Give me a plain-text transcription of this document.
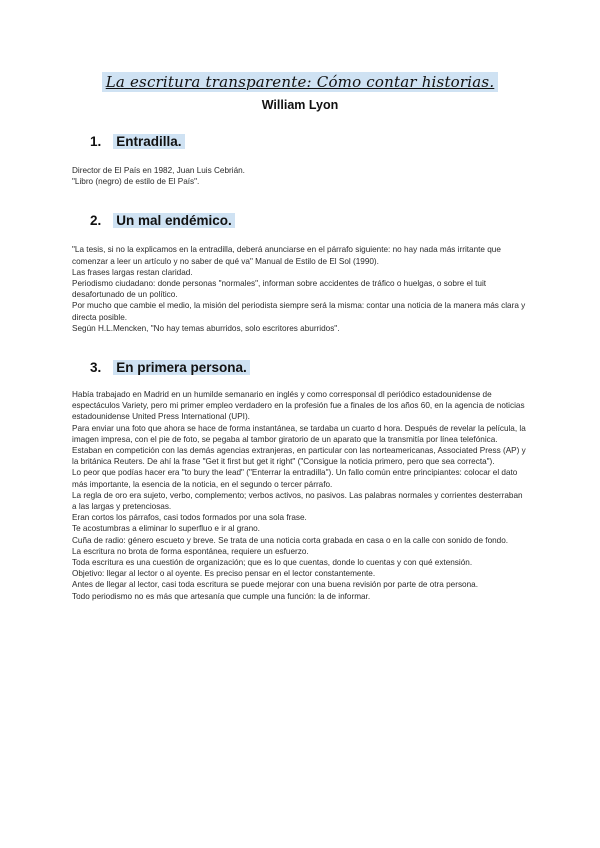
La escritura transparente: Cómo contar historias.
William Lyon
1. Entradilla.

Director de El País en 1982, Juan Luis Cebrián.

"Libro (negro) de estilo de El País".

2. Un mal endémico.

"La tesis, si no la explicamos en la entradilla, deberá anunciarse en el párrafo siguiente: no hay nada más irritante que comenzar a leer un artículo y no saber de qué va" Manual de Estilo de El Sol (1990).

Las frases largas restan claridad.

Periodismo ciudadano: donde personas "normales", informan sobre accidentes de tráfico o huelgas, o sobre el tuit desafortunado de un político.

Por mucho que cambie el medio, la misión del periodista siempre será la misma: contar una noticia de la manera más clara y directa posible.

Según H.L.Mencken, "No hay temas aburridos, solo escritores aburridos".

3. En primera persona.

Había trabajado en Madrid en un humilde semanario en inglés y como corresponsal dl periódico estadounidense de espectáculos Variety, pero mi primer empleo verdadero en la profesión fue a finales de los años 60, en la agencia de noticias estadounidense United Press International (UPI).

Para enviar una foto que ahora se hace de forma instantánea, se tardaba un cuarto d hora. Después de revelar la película, la imagen impresa, con el pie de foto, se pegaba al tambor giratorio de un aparato que la transmitía por línea telefónica.

Estaban en competición con las demás agencias extranjeras, en particular con las norteamericanas, Associated Press (AP) y la británica Reuters. De ahí la frase "Get it first but get it right" ("Consigue la noticia primero, pero que sea correcta").

Lo peor que podías hacer era "to bury the lead" ("Enterrar la entradilla"). Un fallo común entre principiantes: colocar el dato más importante, la esencia de la noticia, en el segundo o tercer párrafo.

La regla de oro era sujeto, verbo, complemento; verbos activos, no pasivos. Las palabras normales y corrientes desterraban a las largas y pretenciosas.

Eran cortos los párrafos, casi todos formados por una sola frase.

Te acostumbras a eliminar lo superfluo e ir al grano.

Cuña de radio: género escueto y breve. Se trata de una noticia corta grabada en casa o en la calle con sonido de fondo.

La escritura no brota de forma espontánea, requiere un esfuerzo.

Toda escritura es una cuestión de organización; que es lo que cuentas, donde lo cuentas y con qué extensión.

Objetivo: llegar al lector o al oyente. Es preciso pensar en el lector constantemente.

Antes de llegar al lector, casi toda escritura se puede mejorar con una buena revisión por parte de otra persona.

Todo periodismo no es más que artesanía que cumple una función: la de informar.
